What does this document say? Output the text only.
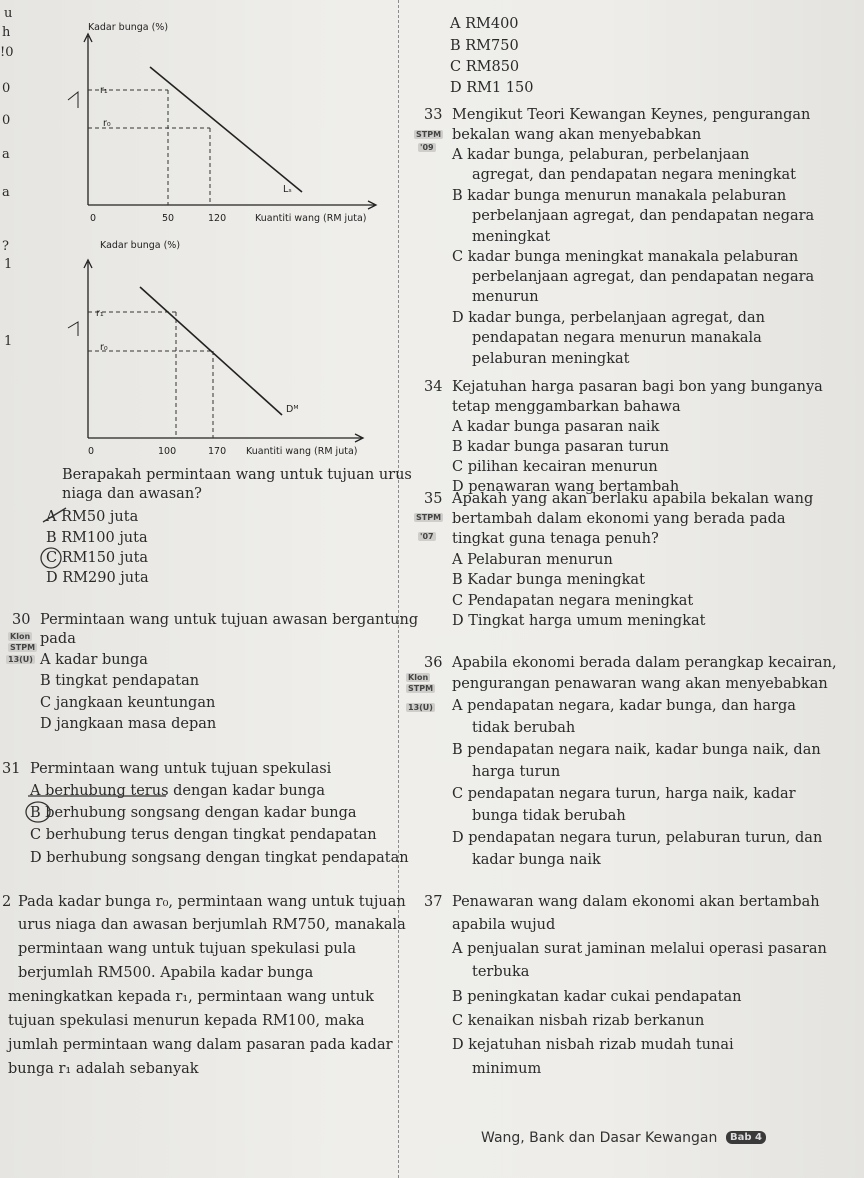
u
h
!0
0
0
a
a
?
1
1
Kadar bunga (%)
r₁
r₀
Lₛ
0	50	120	Kuantiti wang (RM juta)
Kadar bunga (%)
r₁
r₀
Dᴹ
0	100	170 Kuantiti wang (RM juta)
Berapakah permintaan wang untuk tujuan urus
niaga dan awasan?
A RM50 juta
B RM100 juta
C RM150 juta
D RM290 juta
30 Permintaan wang untuk tujuan awasan bergantung
Klon
STPM
13(U)
pada
A kadar bunga
B tingkat pendapatan
C jangkaan keuntungan
D jangkaan masa depan
31 Permintaan wang untuk tujuan spekulasi
A berhubung terus dengan kadar bunga
B berhubung songsang dengan kadar bunga
C berhubung terus dengan tingkat pendapatan
D berhubung songsang dengan tingkat pendapatan
2 Pada kadar bunga r₀, permintaan wang untuk tujuan
urus niaga dan awasan berjumlah RM750, manakala
permintaan wang untuk tujuan spekulasi pula
berjumlah RM500. Apabila kadar bunga
meningkatkan kepada r₁, permintaan wang untuk
tujuan spekulasi menurun kepada RM100, maka
jumlah permintaan wang dalam pasaran pada kadar
bunga r₁ adalah sebanyak
A RM400
B RM750
C RM850
D RM1 150
33 Mengikut Teori Kewangan Keynes, pengurangan
STPM
'09
bekalan wang akan menyebabkan
A kadar bunga, pelaburan, perbelanjaan
agregat, dan pendapatan negara meningkat
B kadar bunga menurun manakala pelaburan
perbelanjaan agregat, dan pendapatan negara
meningkat
C kadar bunga meningkat manakala pelaburan
perbelanjaan agregat, dan pendapatan negara
menurun
D kadar bunga, perbelanjaan agregat, dan
pendapatan negara menurun manakala
pelaburan meningkat
34 Kejatuhan harga pasaran bagi bon yang bunganya
tetap menggambarkan bahawa
A kadar bunga pasaran naik
B kadar bunga pasaran turun
C pilihan kecairan menurun
D penawaran wang bertambah
35 Apakah yang akan berlaku apabila bekalan wang
STPM
'07
bertambah dalam ekonomi yang berada pada
tingkat guna tenaga penuh?
A Pelaburan menurun
B Kadar bunga meningkat
C Pendapatan negara meningkat
D Tingkat harga umum meningkat
36 Apabila ekonomi berada dalam perangkap kecairan,
Klon
STPM
13(U)
pengurangan penawaran wang akan menyebabkan
A pendapatan negara, kadar bunga, dan harga
tidak berubah
B pendapatan negara naik, kadar bunga naik, dan
harga turun
C pendapatan negara turun, harga naik, kadar
bunga tidak berubah
D pendapatan negara turun, pelaburan turun, dan
kadar bunga naik
37 Penawaran wang dalam ekonomi akan bertambah
apabila wujud
A penjualan surat jaminan melalui operasi pasaran
terbuka
B peningkatan kadar cukai pendapatan
C kenaikan nisbah rizab berkanun
D kejatuhan nisbah rizab mudah tunai
minimum
Wang, Bank dan Dasar Kewangan	Bab 4
